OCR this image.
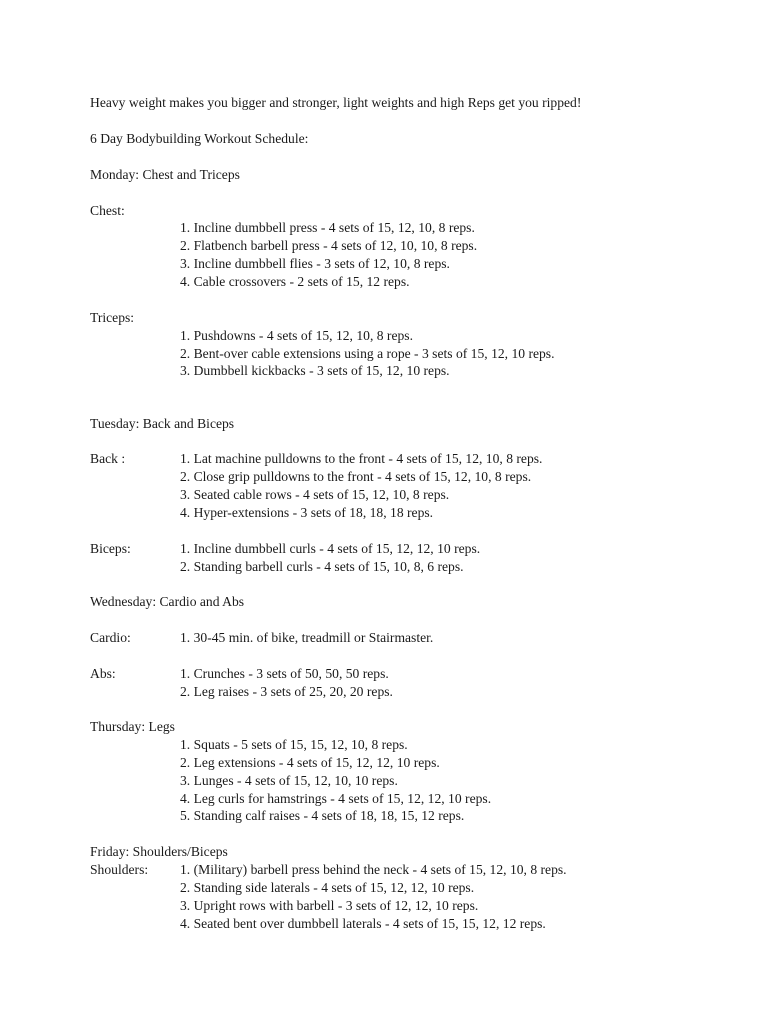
Heavy weight makes you bigger and stronger, light weights and high Reps get you ripped!
6 Day Bodybuilding Workout Schedule:
Monday: Chest and Triceps
Chest:
1. Incline dumbbell press - 4 sets of 15, 12, 10, 8 reps.
2. Flatbench barbell press - 4 sets of 12, 10, 10, 8 reps.
3. Incline dumbbell flies - 3 sets of 12, 10, 8 reps.
4. Cable crossovers - 2 sets of 15, 12 reps.
Triceps:
1. Pushdowns - 4 sets of 15, 12, 10, 8 reps.
2. Bent-over cable extensions using a rope - 3 sets of 15, 12, 10 reps.
3. Dumbbell kickbacks - 3 sets of 15, 12, 10 reps.
Tuesday: Back and Biceps
Back :	1. Lat machine pulldowns to the front - 4 sets of 15, 12, 10, 8 reps.
2. Close grip pulldowns to the front - 4 sets of 15, 12, 10, 8 reps.
3. Seated cable rows - 4 sets of 15, 12, 10, 8 reps.
4. Hyper-extensions - 3 sets of 18, 18, 18 reps.
Biceps:	1. Incline dumbbell curls - 4 sets of 15, 12, 12, 10 reps.
2. Standing barbell curls - 4 sets of 15, 10, 8, 6 reps.
Wednesday: Cardio and Abs
Cardio:	1. 30-45 min. of bike, treadmill or Stairmaster.
Abs:	1. Crunches - 3 sets of 50, 50, 50 reps.
2. Leg raises - 3 sets of 25, 20, 20 reps.
Thursday: Legs
1. Squats - 5 sets of 15, 15, 12, 10, 8 reps.
2. Leg extensions - 4 sets of 15, 12, 12, 10 reps.
3. Lunges - 4 sets of 15, 12, 10, 10 reps.
4. Leg curls for hamstrings - 4 sets of 15, 12, 12, 10 reps.
5. Standing calf raises - 4 sets of 18, 18, 15, 12 reps.
Friday: Shoulders/Biceps
Shoulders: 1. (Military) barbell press behind the neck - 4 sets of 15, 12, 10, 8 reps.
2. Standing side laterals - 4 sets of 15, 12, 12, 10 reps.
3. Upright rows with barbell - 3 sets of 12, 12, 10 reps.
4. Seated bent over dumbbell laterals - 4 sets of 15, 15, 12, 12 reps.
